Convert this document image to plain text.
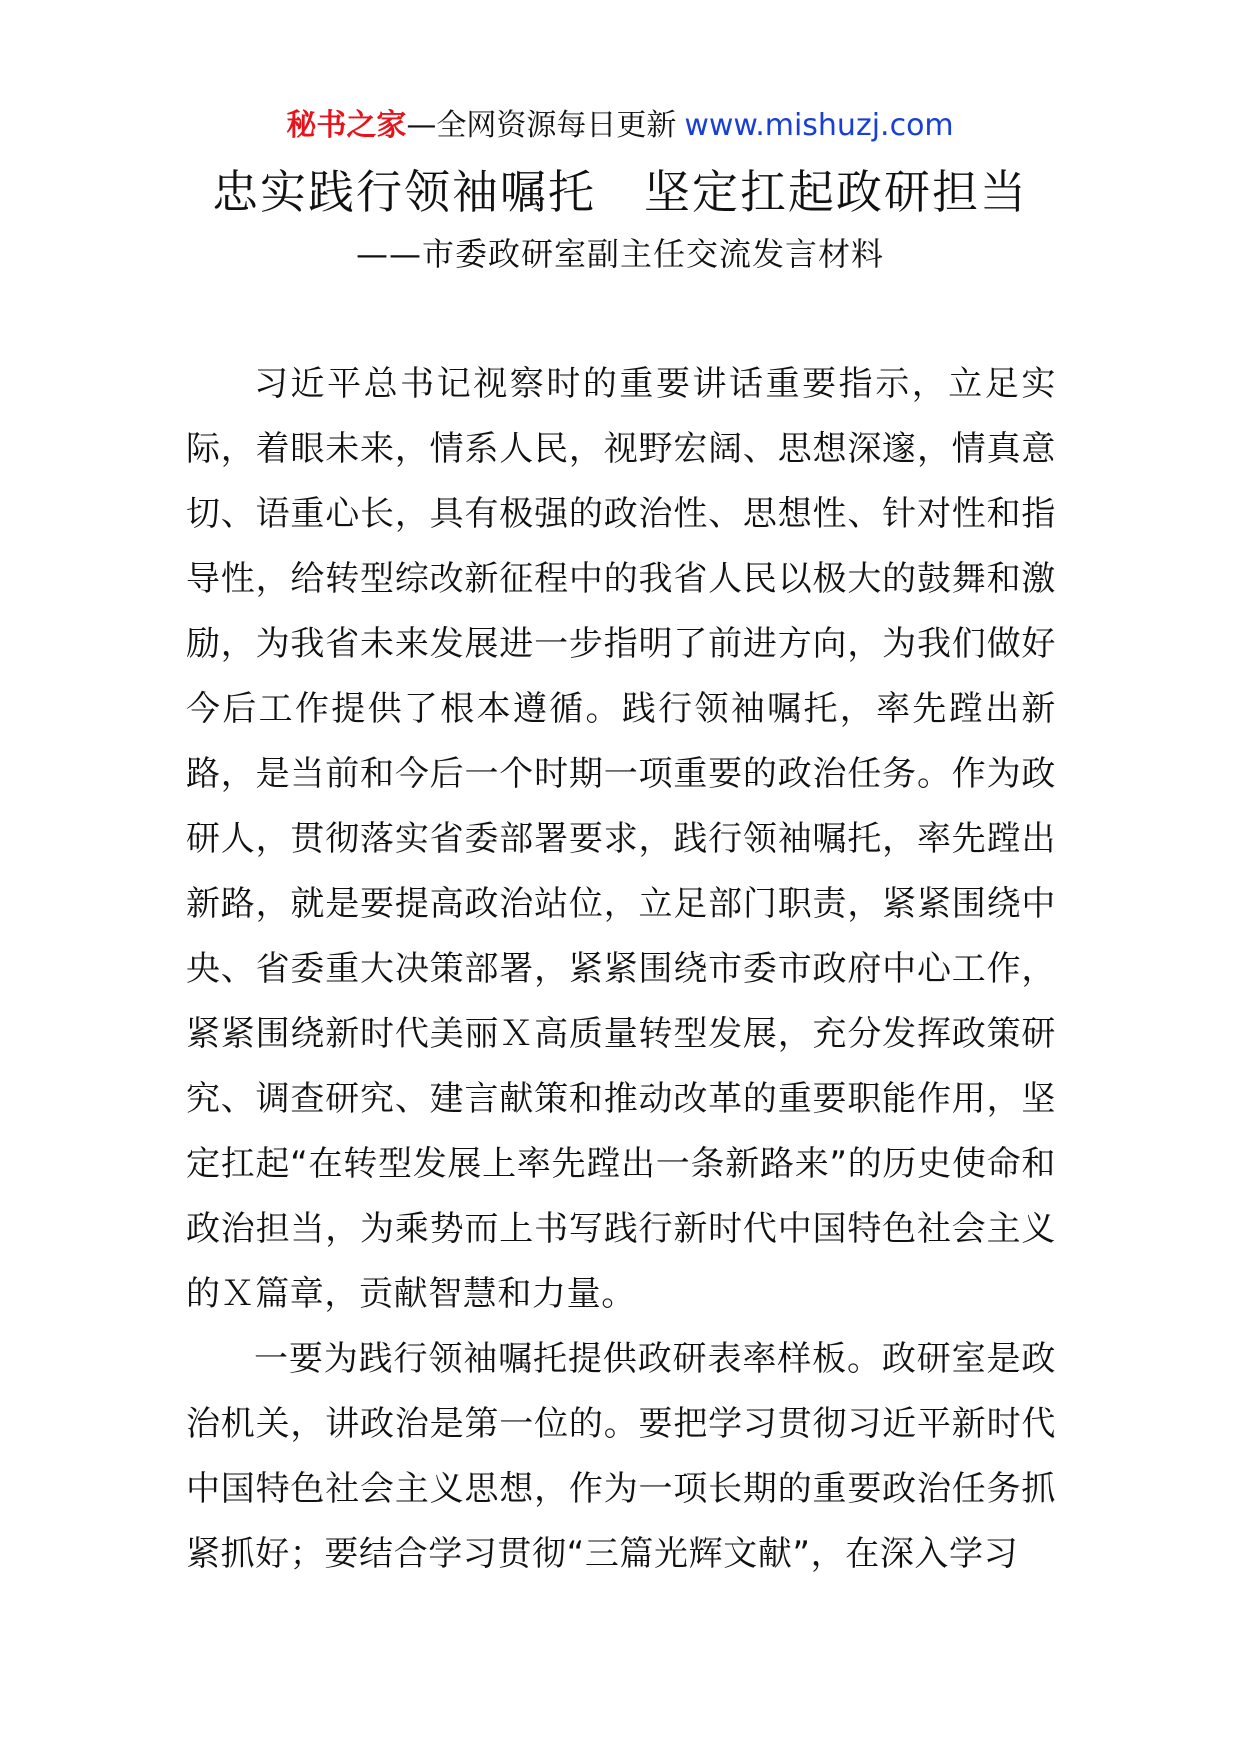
秘书之家—全网资源每日更新 www.mishuzj.com
忠实践行领袖嘱托　坚定扛起政研担当
——市委政研室副主任交流发言材料

习近平总书记视察时的重要讲话重要指示，立足实际，着眼未来，情系人民，视野宏阔、思想深邃，情真意切、语重心长，具有极强的政治性、思想性、针对性和指导性，给转型综改新征程中的我省人民以极大的鼓舞和激励，为我省未来发展进一步指明了前进方向，为我们做好今后工作提供了根本遵循。践行领袖嘱托，率先蹚出新路，是当前和今后一个时期一项重要的政治任务。作为政研人，贯彻落实省委部署要求，践行领袖嘱托，率先蹚出新路，就是要提高政治站位，立足部门职责，紧紧围绕中央、省委重大决策部署，紧紧围绕市委市政府中心工作，紧紧围绕新时代美丽Ｘ高质量转型发展，充分发挥政策研究、调查研究、建言献策和推动改革的重要职能作用，坚定扛起“在转型发展上率先蹚出一条新路来”的历史使命和政治担当，为乘势而上书写践行新时代中国特色社会主义的Ｘ篇章，贡献智慧和力量。

一要为践行领袖嘱托提供政研表率样板。政研室是政治机关，讲政治是第一位的。要把学习贯彻习近平新时代中国特色社会主义思想，作为一项长期的重要政治任务抓紧抓好；要结合学习贯彻“三篇光辉文献”，在深入学习
